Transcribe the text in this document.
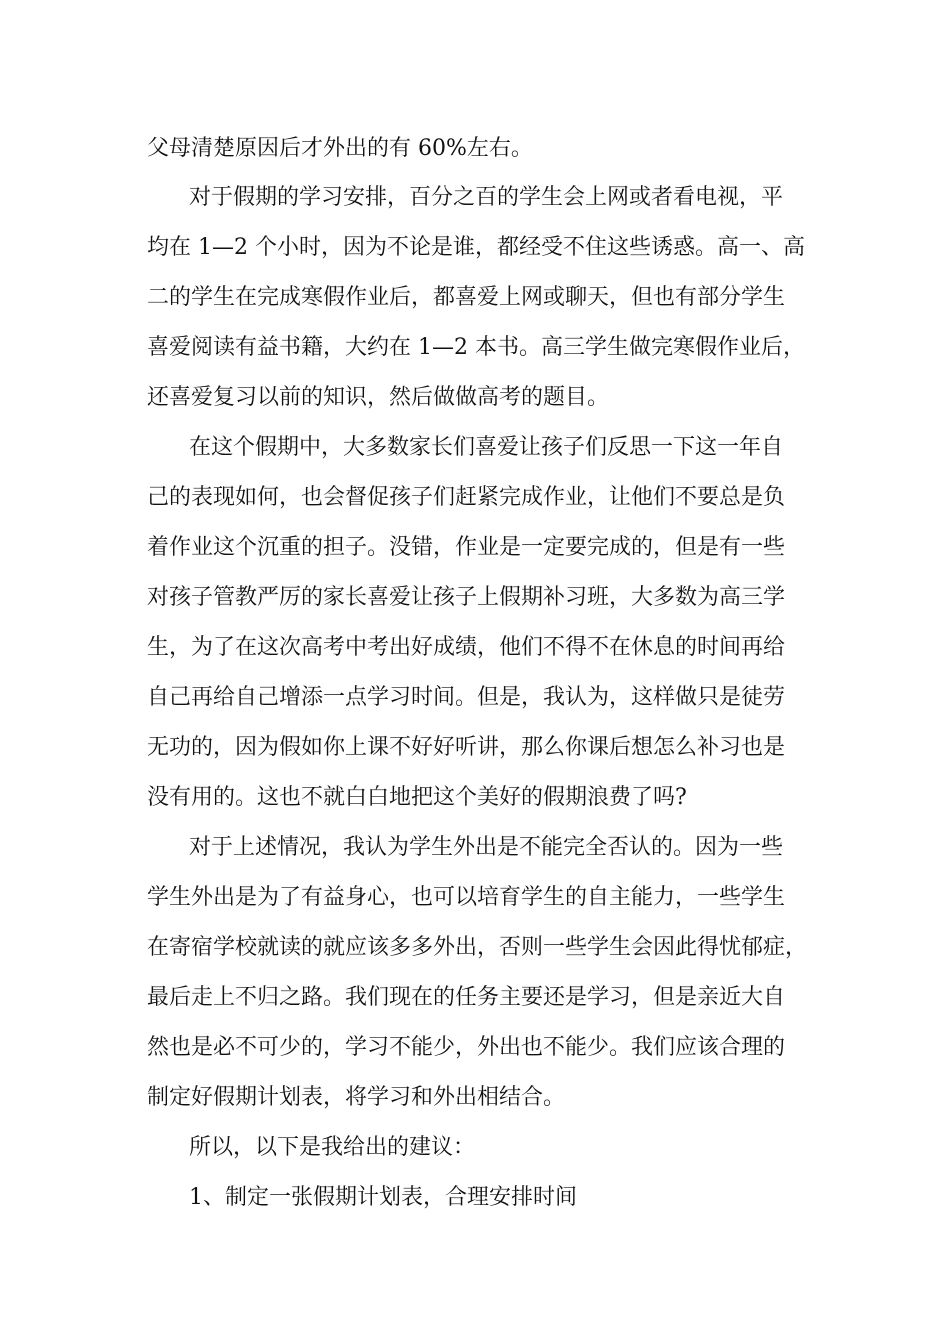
父母清楚原因后才外出的有 60%左右。

对于假期的学习安排，百分之百的学生会上网或者看电视，平

均在 1—2 个小时，因为不论是谁，都经受不住这些诱惑。高一、高

二的学生在完成寒假作业后，都喜爱上网或聊天，但也有部分学生

喜爱阅读有益书籍，大约在 1—2 本书。高三学生做完寒假作业后，

还喜爱复习以前的知识，然后做做高考的题目。

在这个假期中，大多数家长们喜爱让孩子们反思一下这一年自

己的表现如何，也会督促孩子们赶紧完成作业，让他们不要总是负

着作业这个沉重的担子。没错，作业是一定要完成的，但是有一些

对孩子管教严厉的家长喜爱让孩子上假期补习班，大多数为高三学

生，为了在这次高考中考出好成绩，他们不得不在休息的时间再给

自己再给自己增添一点学习时间。但是，我认为，这样做只是徒劳

无功的，因为假如你上课不好好听讲，那么你课后想怎么补习也是

没有用的。这也不就白白地把这个美好的假期浪费了吗?

对于上述情况，我认为学生外出是不能完全否认的。因为一些

学生外出是为了有益身心，也可以培育学生的自主能力，一些学生

在寄宿学校就读的就应该多多外出，否则一些学生会因此得忧郁症，

最后走上不归之路。我们现在的任务主要还是学习，但是亲近大自

然也是必不可少的，学习不能少，外出也不能少。我们应该合理的

制定好假期计划表，将学习和外出相结合。

所以，以下是我给出的建议：

1、制定一张假期计划表，合理安排时间
